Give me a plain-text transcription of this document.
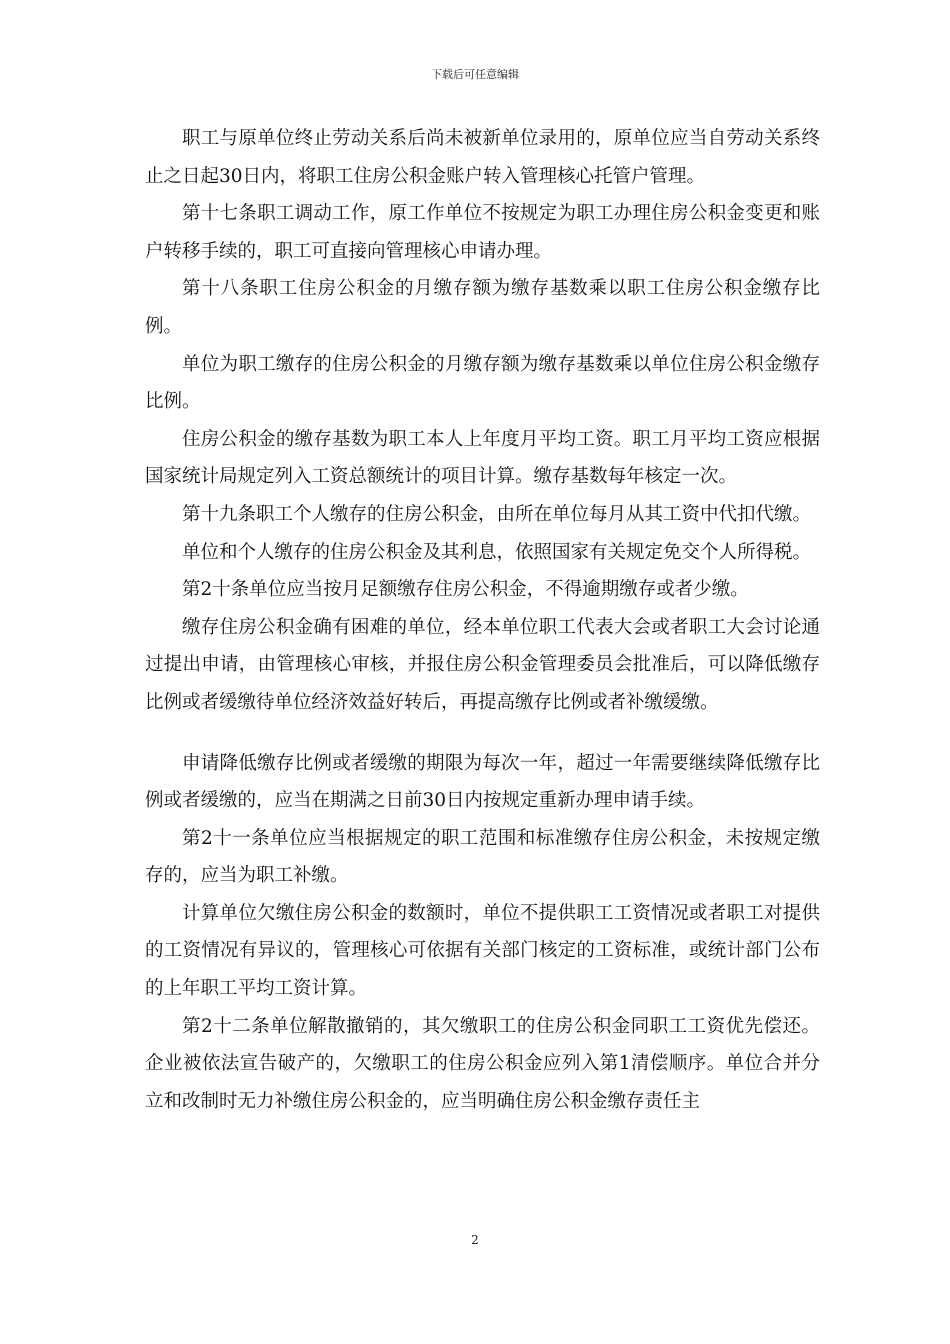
下载后可任意编辑

职工与原单位终止劳动关系后尚未被新单位录用的，原单位应当自劳动关系终止之日起30日内，将职工住房公积金账户转入管理核心托管户管理。

第十七条职工调动工作，原工作单位不按规定为职工办理住房公积金变更和账户转移手续的，职工可直接向管理核心申请办理。

第十八条职工住房公积金的月缴存额为缴存基数乘以职工住房公积金缴存比例。

单位为职工缴存的住房公积金的月缴存额为缴存基数乘以单位住房公积金缴存比例。

住房公积金的缴存基数为职工本人上年度月平均工资。职工月平均工资应根据国家统计局规定列入工资总额统计的项目计算。缴存基数每年核定一次。

第十九条职工个人缴存的住房公积金，由所在单位每月从其工资中代扣代缴。

单位和个人缴存的住房公积金及其利息，依照国家有关规定免交个人所得税。

第2十条单位应当按月足额缴存住房公积金，不得逾期缴存或者少缴。

缴存住房公积金确有困难的单位，经本单位职工代表大会或者职工大会讨论通过提出申请，由管理核心审核，并报住房公积金管理委员会批准后，可以降低缴存比例或者缓缴待单位经济效益好转后，再提高缴存比例或者补缴缓缴。

申请降低缴存比例或者缓缴的期限为每次一年，超过一年需要继续降低缴存比例或者缓缴的，应当在期满之日前30日内按规定重新办理申请手续。

第2十一条单位应当根据规定的职工范围和标准缴存住房公积金，未按规定缴存的，应当为职工补缴。

计算单位欠缴住房公积金的数额时，单位不提供职工工资情况或者职工对提供的工资情况有异议的，管理核心可依据有关部门核定的工资标准，或统计部门公布的上年职工平均工资计算。

第2十二条单位解散撤销的，其欠缴职工的住房公积金同职工工资优先偿还。企业被依法宣告破产的，欠缴职工的住房公积金应列入第1清偿顺序。单位合并分立和改制时无力补缴住房公积金的，应当明确住房公积金缴存责任主

2
